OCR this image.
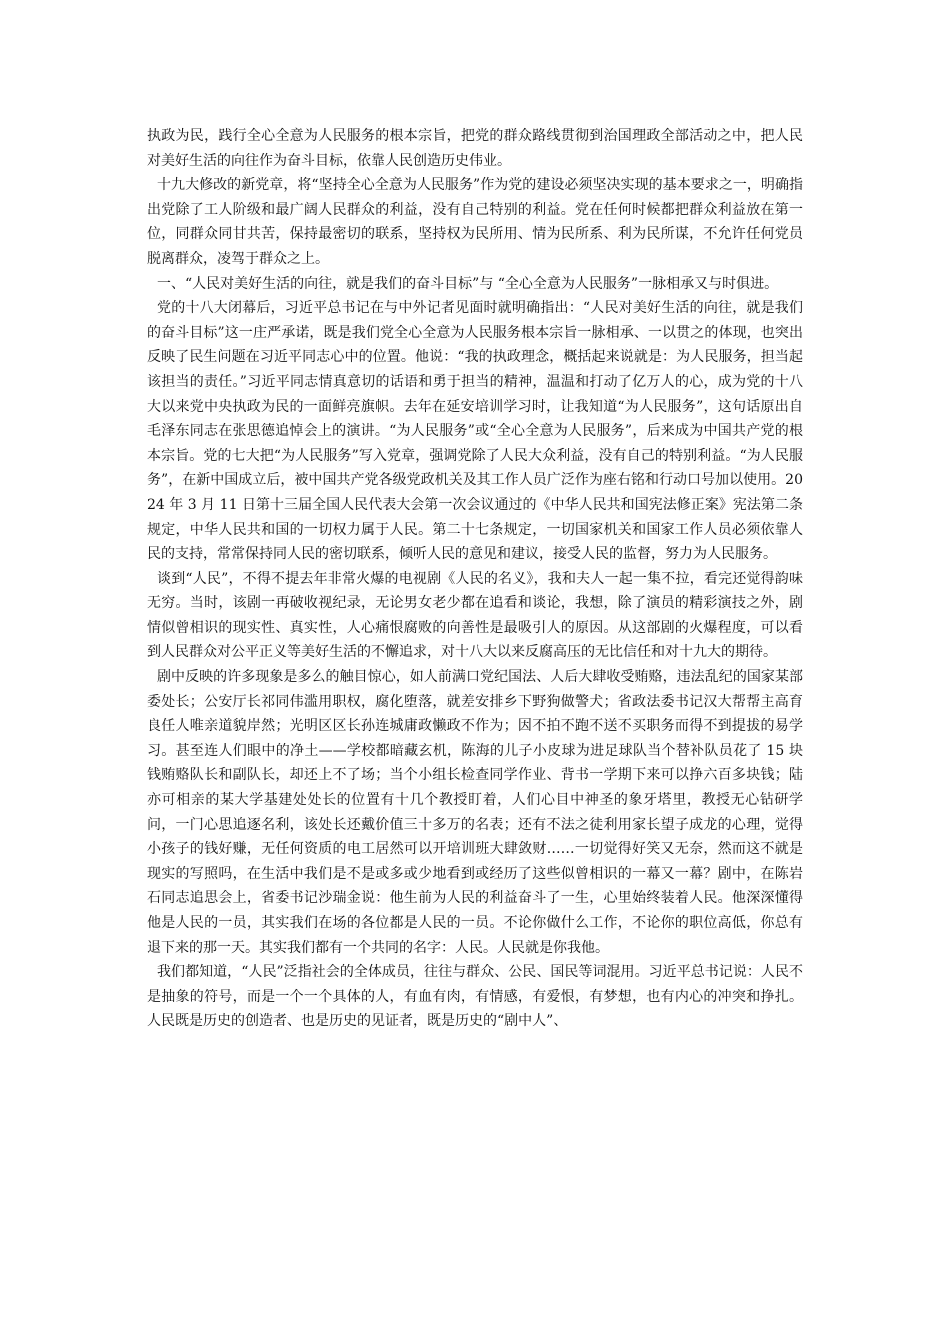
执政为民，践行全心全意为人民服务的根本宗旨，把党的群众路线贯彻到治国理政全部活动之中，把人民对美好生活的向往作为奋斗目标，依靠人民创造历史伟业。

十九大修改的新党章，将“坚持全心全意为人民服务”作为党的建设必须坚决实现的基本要求之一，明确指出党除了工人阶级和最广阔人民群众的利益，没有自己特别的利益。党在任何时候都把群众利益放在第一位，同群众同甘共苦，保持最密切的联系，坚持权为民所用、情为民所系、利为民所谋，不允许任何党员脱离群众，凌驾于群众之上。

一、“人民对美好生活的向往，就是我们的奋斗目标”与 “全心全意为人民服务”一脉相承又与时俱进。

党的十八大闭幕后，习近平总书记在与中外记者见面时就明确指出：“人民对美好生活的向往，就是我们的奋斗目标”这一庄严承诺，既是我们党全心全意为人民服务根本宗旨一脉相承、一以贯之的体现，也突出反映了民生问题在习近平同志心中的位置。他说：“我的执政理念，概括起来说就是：为人民服务，担当起该担当的责任。”习近平同志情真意切的话语和勇于担当的精神，温温和打动了亿万人的心，成为党的十八大以来党中央执政为民的一面鲜亮旗帜。去年在延安培训学习时，让我知道“为人民服务”，这句话原出自毛泽东同志在张思德追悼会上的演讲。“为人民服务”或“全心全意为人民服务”，后来成为中国共产党的根本宗旨。党的七大把“为人民服务”写入党章，强调党除了人民大众利益，没有自己的特别利益。“为人民服务”，在新中国成立后，被中国共产党各级党政机关及其工作人员广泛作为座右铭和行动口号加以使用。2024 年 3 月 11 日第十三届全国人民代表大会第一次会议通过的《中华人民共和国宪法修正案》宪法第二条规定，中华人民共和国的一切权力属于人民。第二十七条规定，一切国家机关和国家工作人员必须依靠人民的支持，常常保持同人民的密切联系，倾听人民的意见和建议，接受人民的监督，努力为人民服务。

谈到“人民”，不得不提去年非常火爆的电视剧《人民的名义》，我和夫人一起一集不拉，看完还觉得韵味无穷。当时，该剧一再破收视纪录，无论男女老少都在追看和谈论，我想，除了演员的精彩演技之外，剧情似曾相识的现实性、真实性，人心痛恨腐败的向善性是最吸引人的原因。从这部剧的火爆程度，可以看到人民群众对公平正义等美好生活的不懈追求，对十八大以来反腐高压的无比信任和对十九大的期待。

剧中反映的许多现象是多么的触目惊心，如人前满口党纪国法、人后大肆收受贿赂，违法乱纪的国家某部委处长；公安厅长祁同伟滥用职权，腐化堕落，就差安排乡下野狗做警犬；省政法委书记汉大帮帮主高育良任人唯亲道貌岸然；光明区区长孙连城庸政懒政不作为；因不拍不跑不送不买职务而得不到提拔的易学习。甚至连人们眼中的净土——学校都暗藏玄机，陈海的儿子小皮球为进足球队当个替补队员花了 15 块钱贿赂队长和副队长，却还上不了场；当个小组长检查同学作业、背书一学期下来可以挣六百多块钱；陆亦可相亲的某大学基建处处长的位置有十几个教授盯着，人们心目中神圣的象牙塔里，教授无心钻研学问，一门心思追逐名利，该处长还戴价值三十多万的名表；还有不法之徒利用家长望子成龙的心理，觉得小孩子的钱好赚，无任何资质的电工居然可以开培训班大肆敛财……一切觉得好笑又无奈，然而这不就是现实的写照吗，在生活中我们是不是或多或少地看到或经历了这些似曾相识的一幕又一幕？剧中，在陈岩石同志追思会上，省委书记沙瑞金说：他生前为人民的利益奋斗了一生，心里始终装着人民。他深深懂得他是人民的一员，其实我们在场的各位都是人民的一员。不论你做什么工作，不论你的职位高低，你总有退下来的那一天。其实我们都有一个共同的名字：人民。人民就是你我他。

我们都知道，“人民”泛指社会的全体成员，往往与群众、公民、国民等词混用。习近平总书记说：人民不是抽象的符号，而是一个一个具体的人，有血有肉，有情感，有爱恨，有梦想，也有内心的冲突和挣扎。人民既是历史的创造者、也是历史的见证者，既是历史的“剧中人”、
